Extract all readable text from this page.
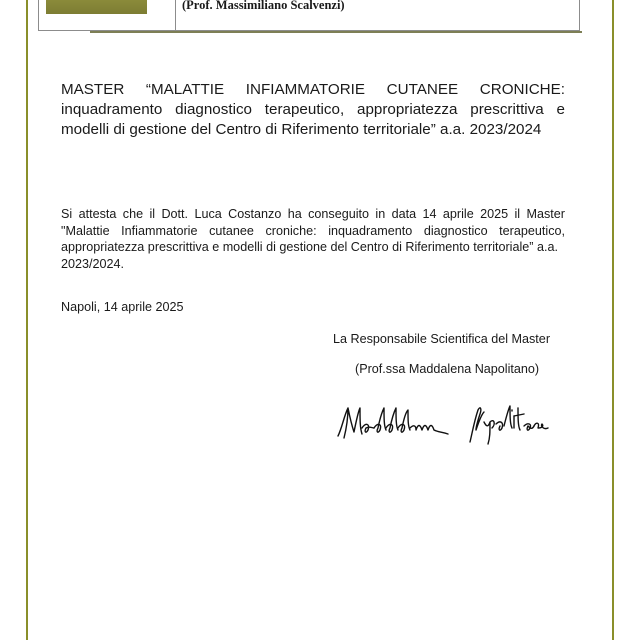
(Prof. Massimiliano Scalvenzi)
MASTER “MALATTIE INFIAMMATORIE CUTANEE CRONICHE:
inquadramento diagnostico terapeutico, appropriatezza prescrittiva e
modelli di gestione del Centro di Riferimento territoriale” a.a. 2023/2024
Si attesta che il Dott. Luca Costanzo ha conseguito in data 14 aprile 2025 il Master
"Malattie Infiammatorie cutanee croniche: inquadramento diagnostico terapeutico,
appropriatezza prescrittiva e modelli di gestione del Centro di Riferimento territoriale” a.a.
2023/2024.
Napoli, 14 aprile 2025
La Responsabile Scientifica del Master
(Prof.ssa Maddalena Napolitano)
